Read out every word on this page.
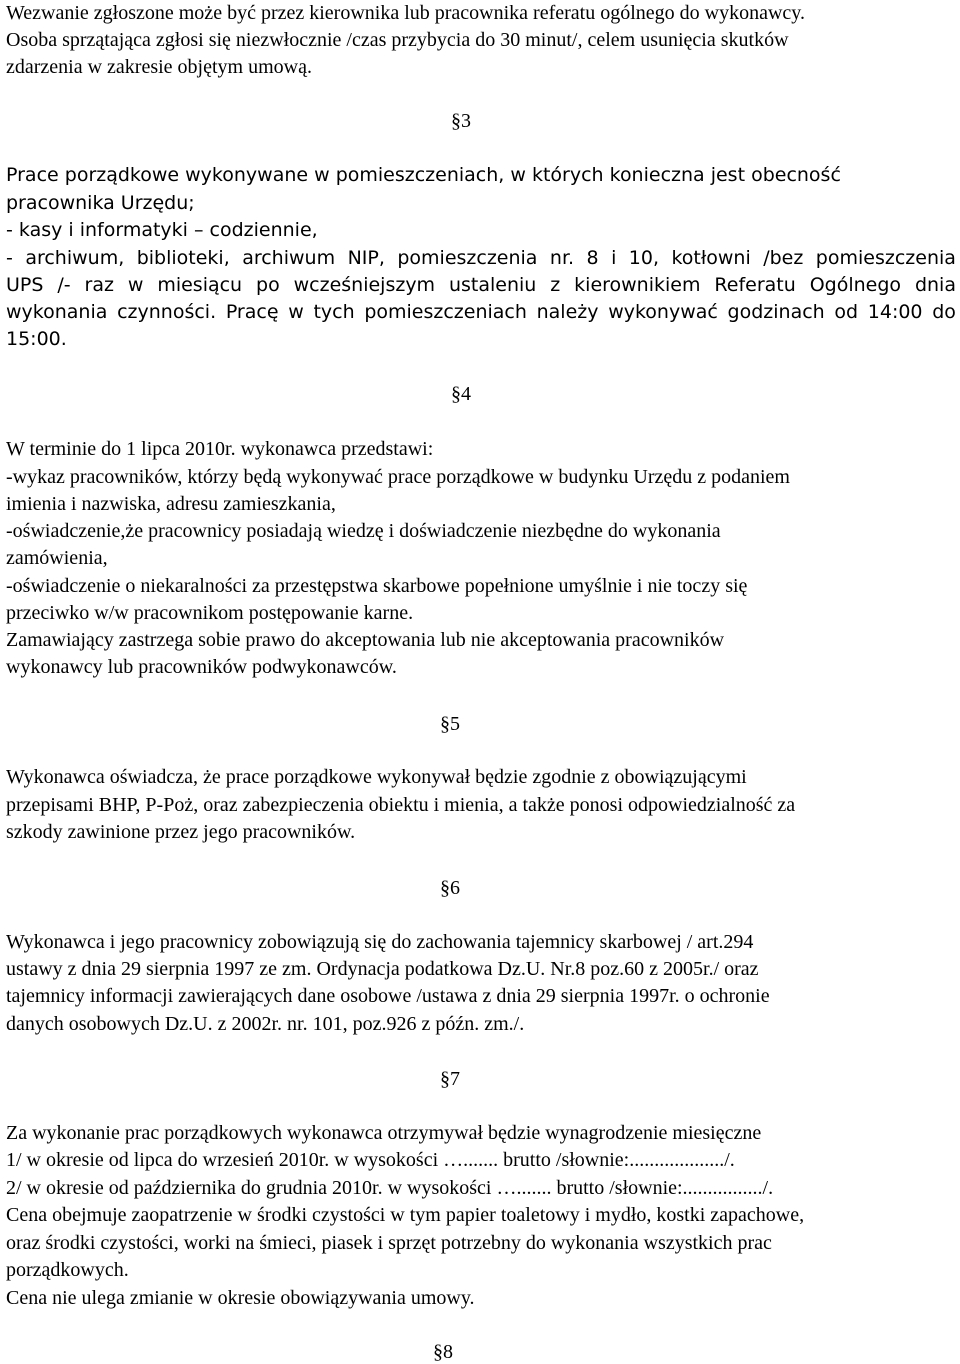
Wezwanie zgłoszone może być przez kierownika lub pracownika referatu ogólnego do wykonawcy.
Osoba sprzątająca zgłosi się niezwłocznie /czas przybycia do 30 minut/, celem usunięcia skutków
zdarzenia w zakresie objętym umową.
§3
Prace porządkowe wykonywane w pomieszczeniach, w których konieczna jest obecność
pracownika Urzędu;
- kasy i informatyki – codziennie,
- archiwum, biblioteki, archiwum NIP, pomieszczenia nr. 8 i 10, kotłowni /bez pomieszczenia
UPS /- raz w miesiącu po wcześniejszym ustaleniu z kierownikiem Referatu Ogólnego dnia
wykonania czynności. Pracę w tych pomieszczeniach należy wykonywać godzinach od 14:00 do
15:00.
§4
W terminie do 1 lipca 2010r. wykonawca przedstawi:
-wykaz pracowników, którzy będą wykonywać prace porządkowe w budynku Urzędu z podaniem
imienia i nazwiska, adresu zamieszkania,
-oświadczenie,że pracownicy posiadają wiedzę i doświadczenie niezbędne do wykonania
zamówienia,
-oświadczenie o niekaralności za przestępstwa skarbowe popełnione umyślnie i nie toczy się
przeciwko w/w pracownikom postępowanie karne.
Zamawiający zastrzega sobie prawo do akceptowania lub nie akceptowania pracowników
wykonawcy lub pracowników podwykonawców.
§5
Wykonawca oświadcza, że prace porządkowe wykonywał będzie zgodnie z obowiązującymi
przepisami BHP, P-Poż, oraz zabezpieczenia obiektu i mienia, a także ponosi odpowiedzialność za
szkody zawinione przez jego pracowników.
§6
Wykonawca i jego pracownicy zobowiązują się do zachowania tajemnicy skarbowej / art.294
ustawy z dnia 29 sierpnia 1997 ze zm. Ordynacja podatkowa Dz.U. Nr.8 poz.60 z 2005r./ oraz
tajemnicy informacji zawierających dane osobowe /ustawa z dnia 29 sierpnia 1997r. o ochronie
danych osobowych Dz.U. z 2002r. nr. 101, poz.926 z późn. zm./.
§7
Za wykonanie prac porządkowych wykonawca otrzymywał będzie wynagrodzenie miesięczne
1/ w okresie od lipca do wrzesień 2010r. w wysokości …....... brutto /słownie:.................../.
2/ w okresie od października do grudnia 2010r. w wysokości …....... brutto /słownie:................/.
Cena obejmuje zaopatrzenie w środki czystości w tym papier toaletowy i mydło, kostki zapachowe,
oraz środki czystości, worki na śmieci, piasek i sprzęt potrzebny do wykonania wszystkich prac
porządkowych.
Cena nie ulega zmianie w okresie obowiązywania umowy.
§8
